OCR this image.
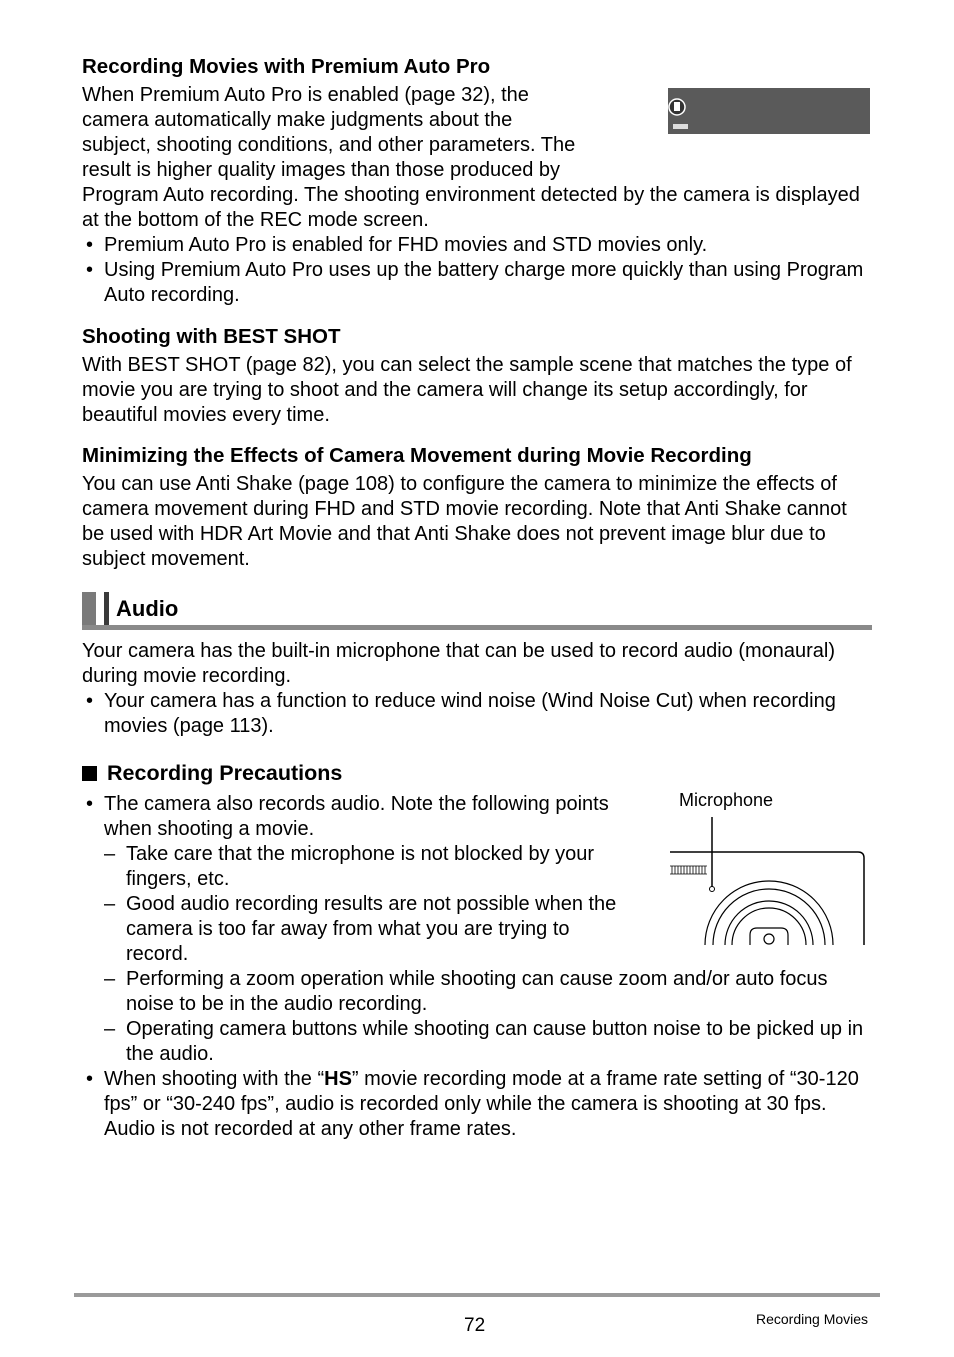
Recording Movies with Premium Auto Pro
When Premium Auto Pro is enabled (page 32), the
camera automatically make judgments about the
subject, shooting conditions, and other parameters. The
result is higher quality images than those produced by
Program Auto recording. The shooting environment detected by the camera is displayed at the bottom of the REC mode screen.
• Premium Auto Pro is enabled for FHD movies and STD movies only.
• Using Premium Auto Pro uses up the battery charge more quickly than using Program Auto recording.
Shooting with BEST SHOT
With BEST SHOT (page 82), you can select the sample scene that matches the type of movie you are trying to shoot and the camera will change its setup accordingly, for beautiful movies every time.
Minimizing the Effects of Camera Movement during Movie Recording
You can use Anti Shake (page 108) to configure the camera to minimize the effects of camera movement during FHD and STD movie recording. Note that Anti Shake cannot be used with HDR Art Movie and that Anti Shake does not prevent image blur due to subject movement.
Audio
Your camera has the built-in microphone that can be used to record audio (monaural) during movie recording.
• Your camera has a function to reduce wind noise (Wind Noise Cut) when recording movies (page 113).
Recording Precautions
• The camera also records audio. Note the following points
when shooting a movie.
– Take care that the microphone is not blocked by your
fingers, etc.
– Good audio recording results are not possible when the
camera is too far away from what you are trying to
record.
– Performing a zoom operation while shooting can cause zoom and/or auto focus noise to be in the audio recording.
– Operating camera buttons while shooting can cause button noise to be picked up in the audio.
• When shooting with the “HS” movie recording mode at a frame rate setting of “30-120 fps” or “30-240 fps”, audio is recorded only while the camera is shooting at 30 fps. Audio is not recorded at any other frame rates.
Microphone
72	Recording Movies
